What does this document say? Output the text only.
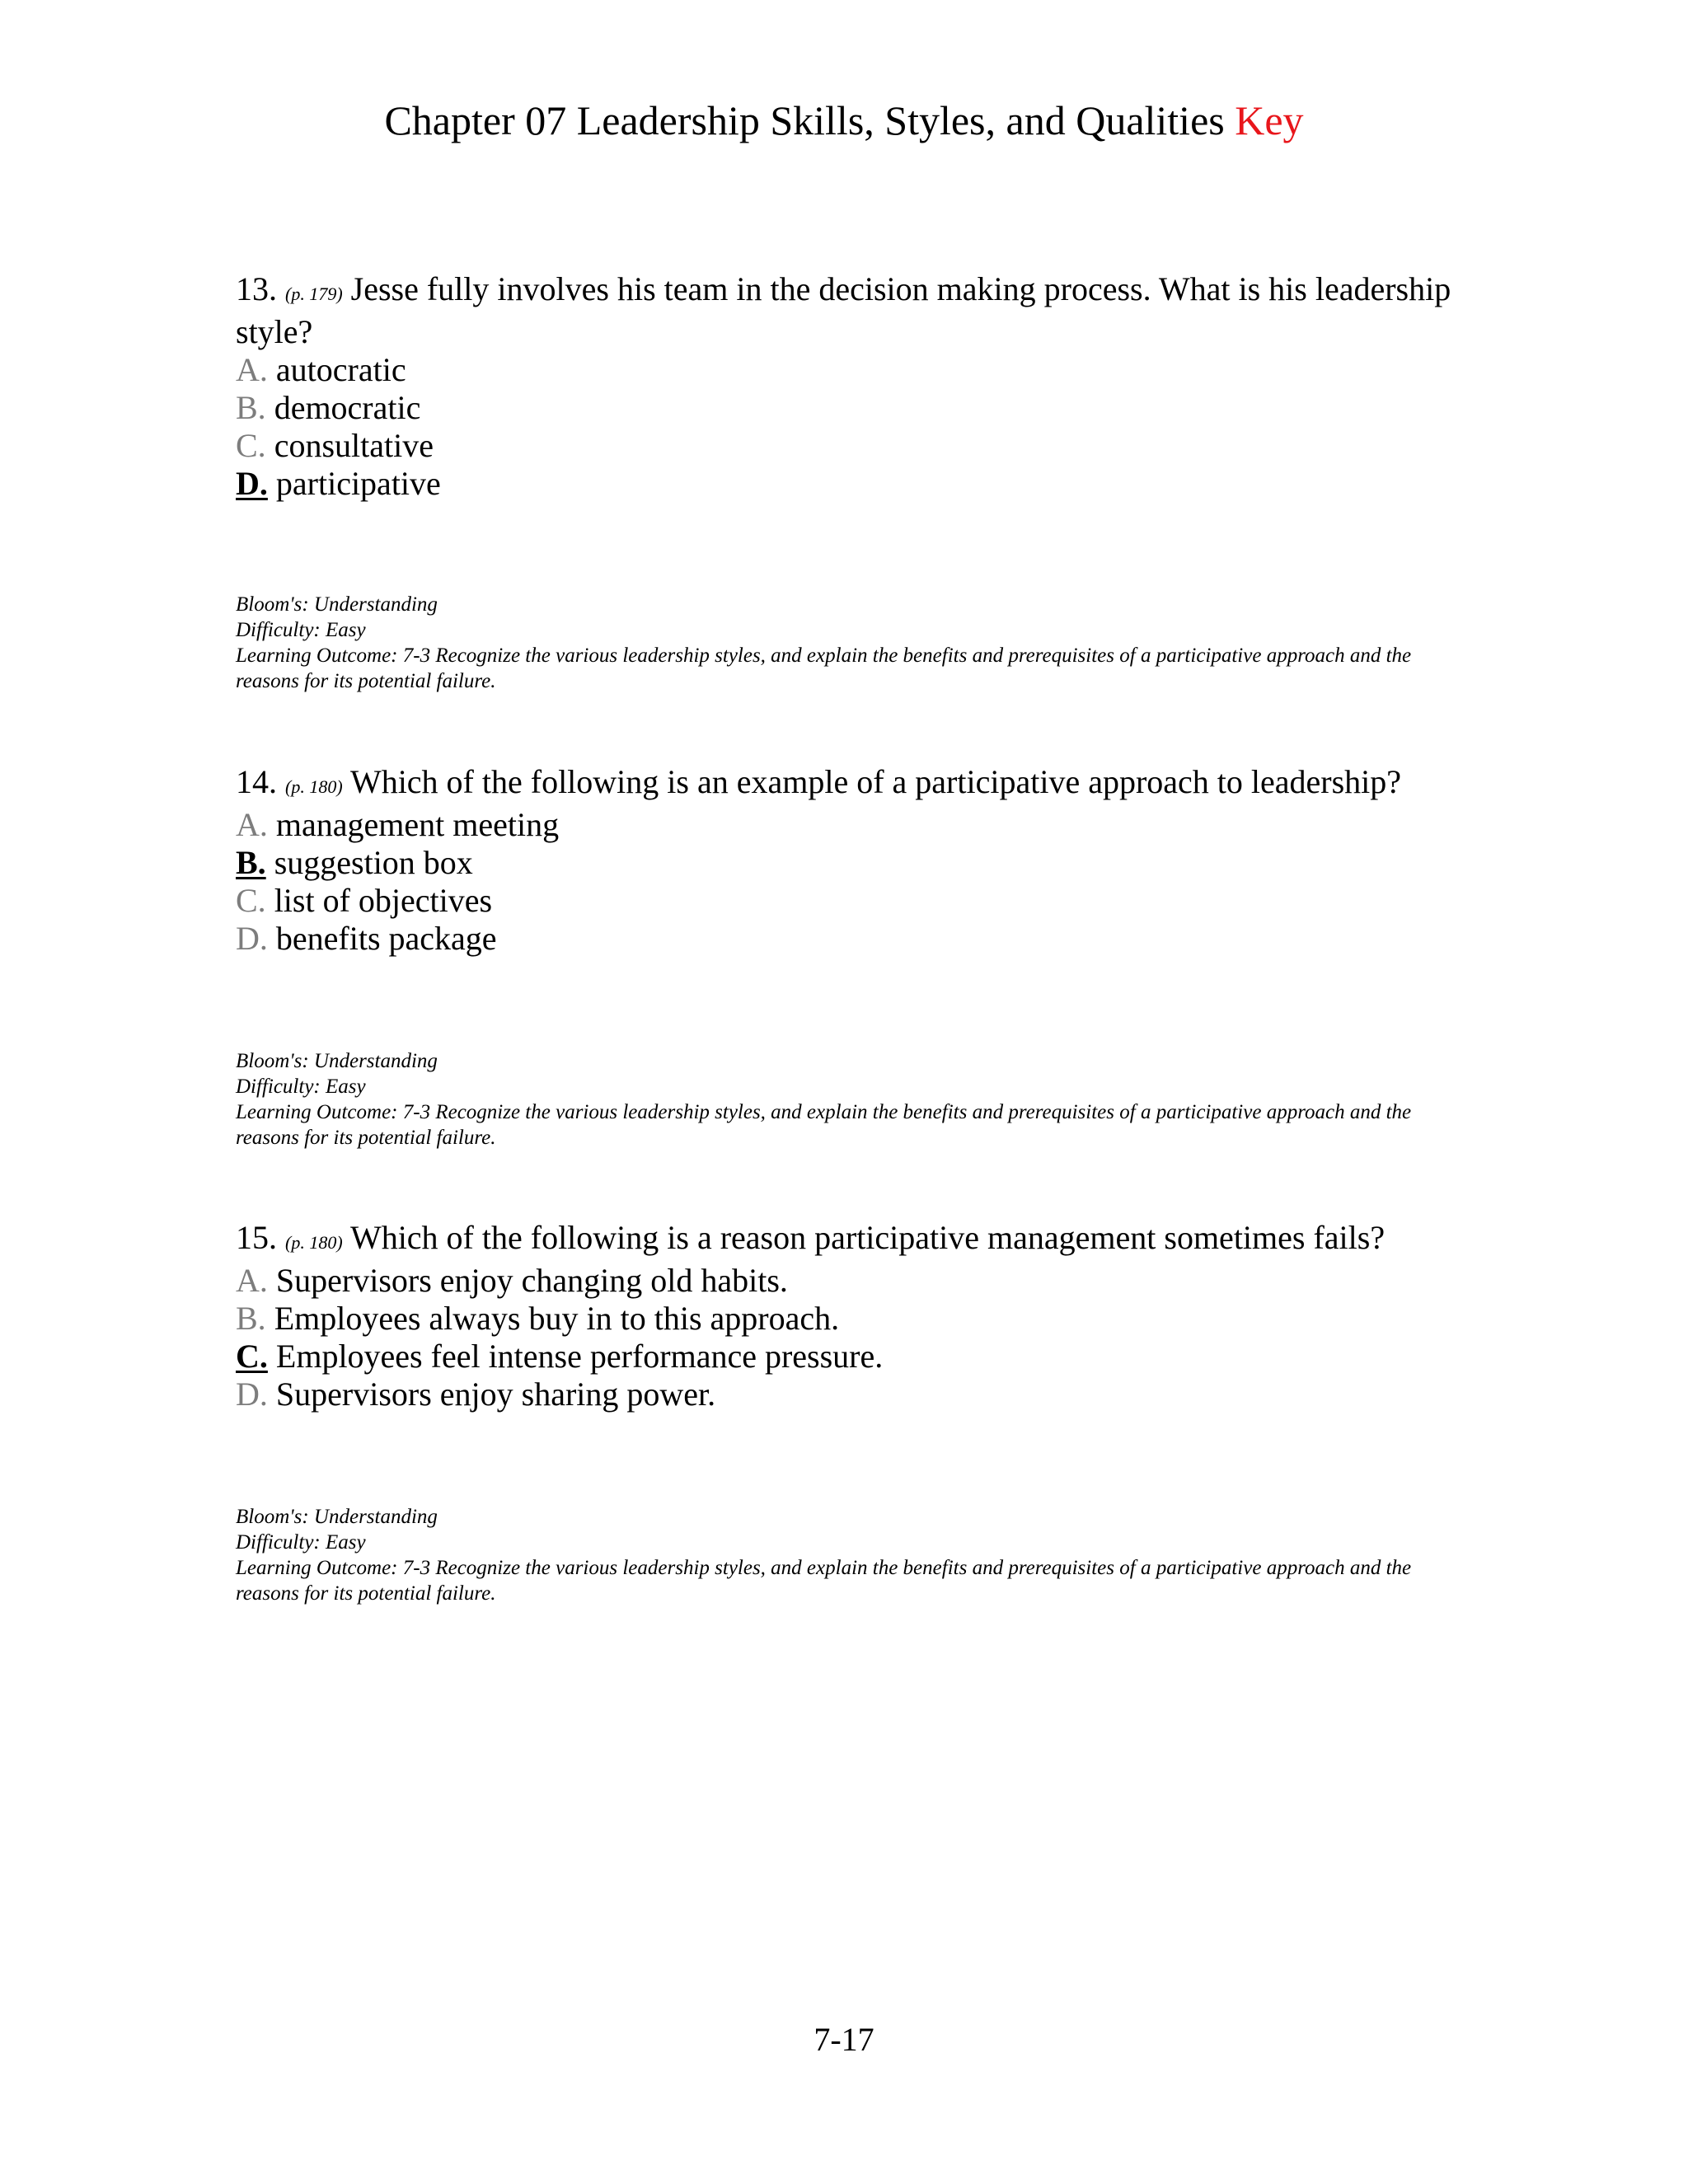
Chapter 07 Leadership Skills, Styles, and Qualities Key

13. (p. 179) Jesse fully involves his team in the decision making process. What is his leadership style?

A. autocratic

B. democratic

C. consultative

D. participative

Bloom's: Understanding

Difficulty: Easy

Learning Outcome: 7-3 Recognize the various leadership styles, and explain the benefits and prerequisites of a participative approach and the reasons for its potential failure.

14. (p. 180) Which of the following is an example of a participative approach to leadership?

A. management meeting

B. suggestion box

C. list of objectives

D. benefits package

Bloom's: Understanding

Difficulty: Easy

Learning Outcome: 7-3 Recognize the various leadership styles, and explain the benefits and prerequisites of a participative approach and the reasons for its potential failure.

15. (p. 180) Which of the following is a reason participative management sometimes fails?

A. Supervisors enjoy changing old habits.

B. Employees always buy in to this approach.

C. Employees feel intense performance pressure.

D. Supervisors enjoy sharing power.

Bloom's: Understanding

Difficulty: Easy

Learning Outcome: 7-3 Recognize the various leadership styles, and explain the benefits and prerequisites of a participative approach and the reasons for its potential failure.

7-17
